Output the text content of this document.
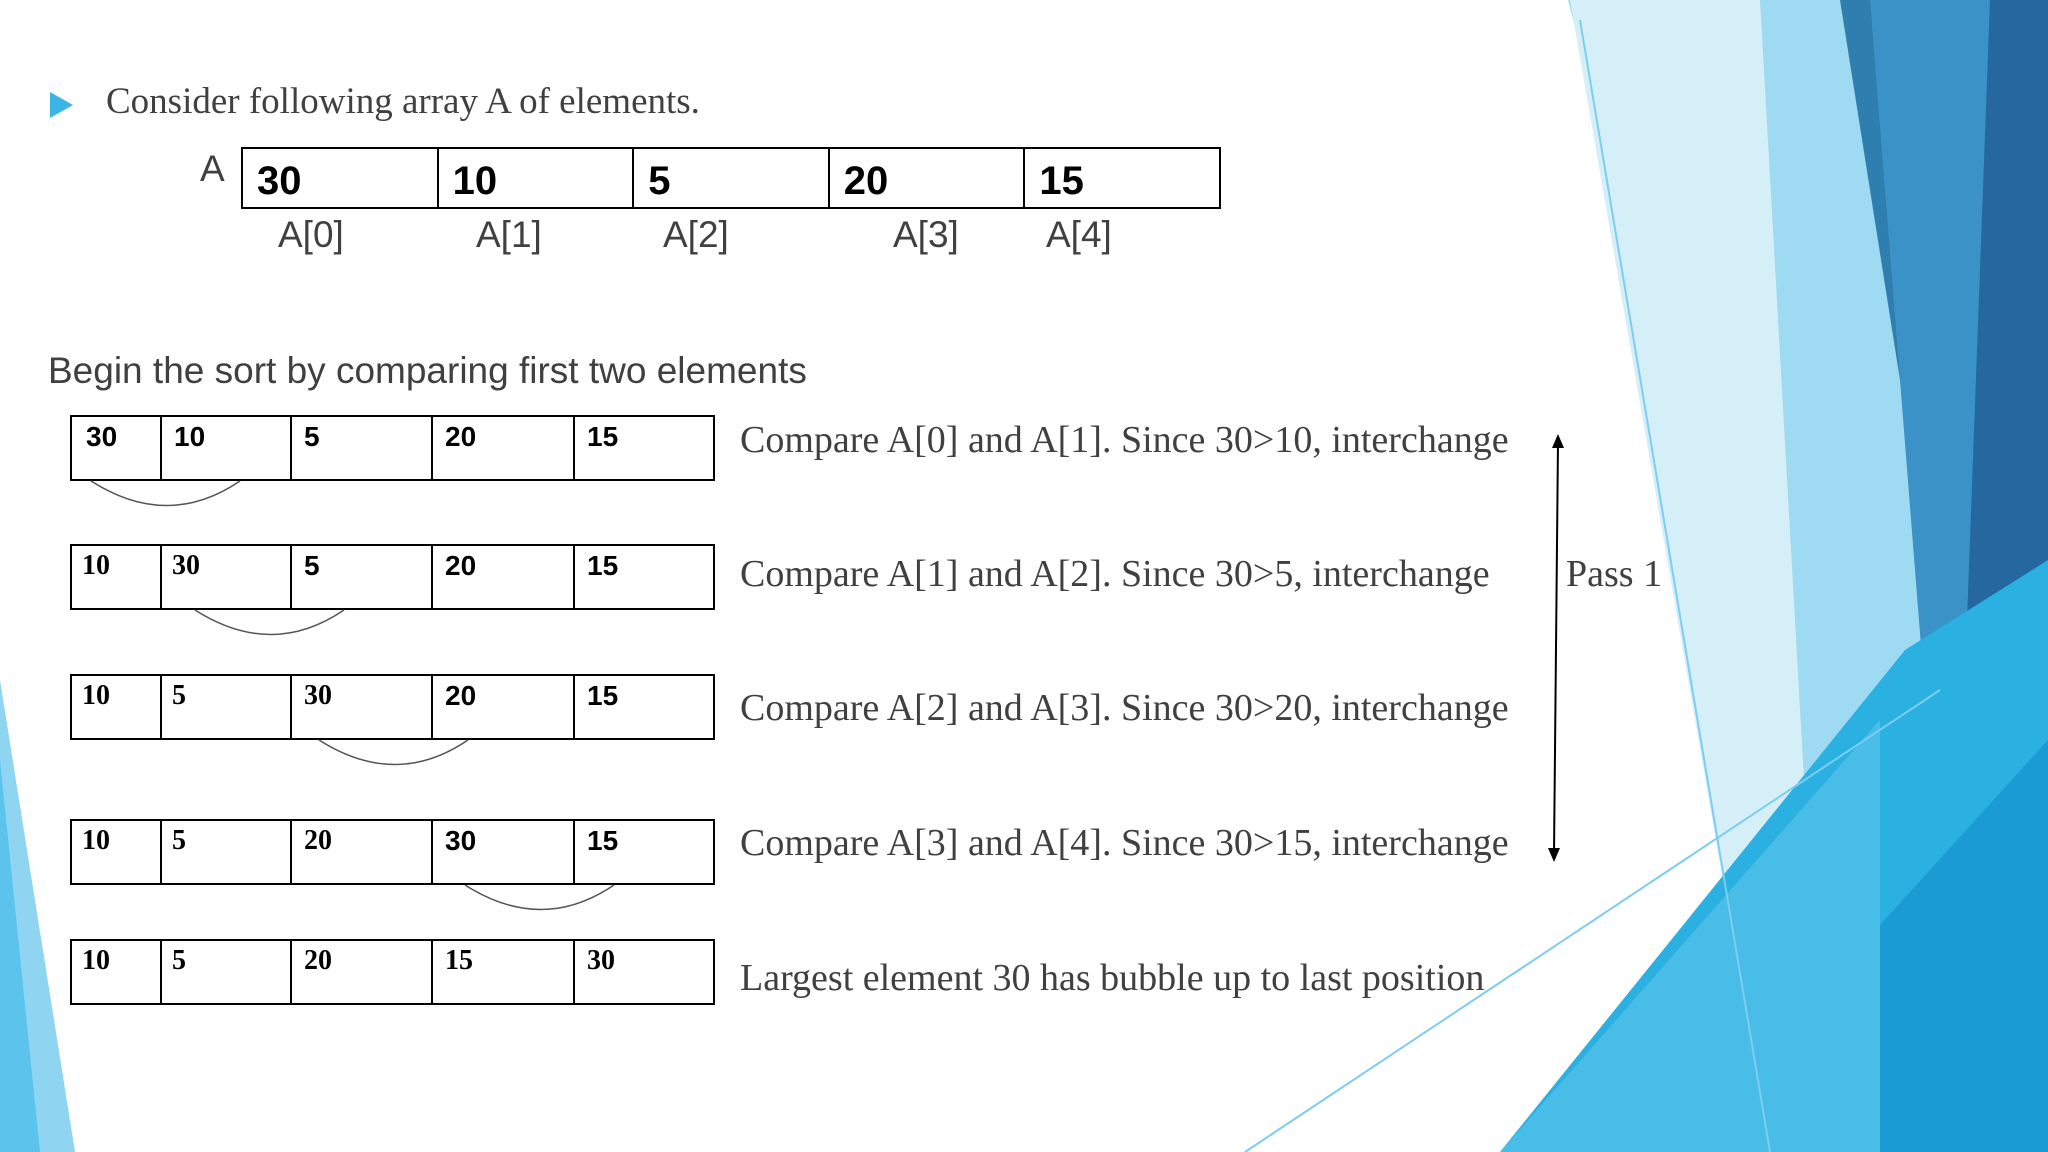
Consider following array A of elements.
A 30	10	5	20	15
A[0]	A[1]	A[2]	A[3] A[4]
Begin the sort by comparing first two elements
30	10	5	20	15	Compare A[0] and A[1]. Since 30>10, interchange
10	30	5	20	15	Compare A[1] and A[2]. Since 30>5, interchange
10	5	30	20	15	Compare A[2] and A[3]. Since 30>20, interchange
10	5	20	30	15	Compare A[3] and A[4]. Since 30>15, interchange
10	5	20	15	30	Largest element 30 has bubble up to last position
Pass 1
